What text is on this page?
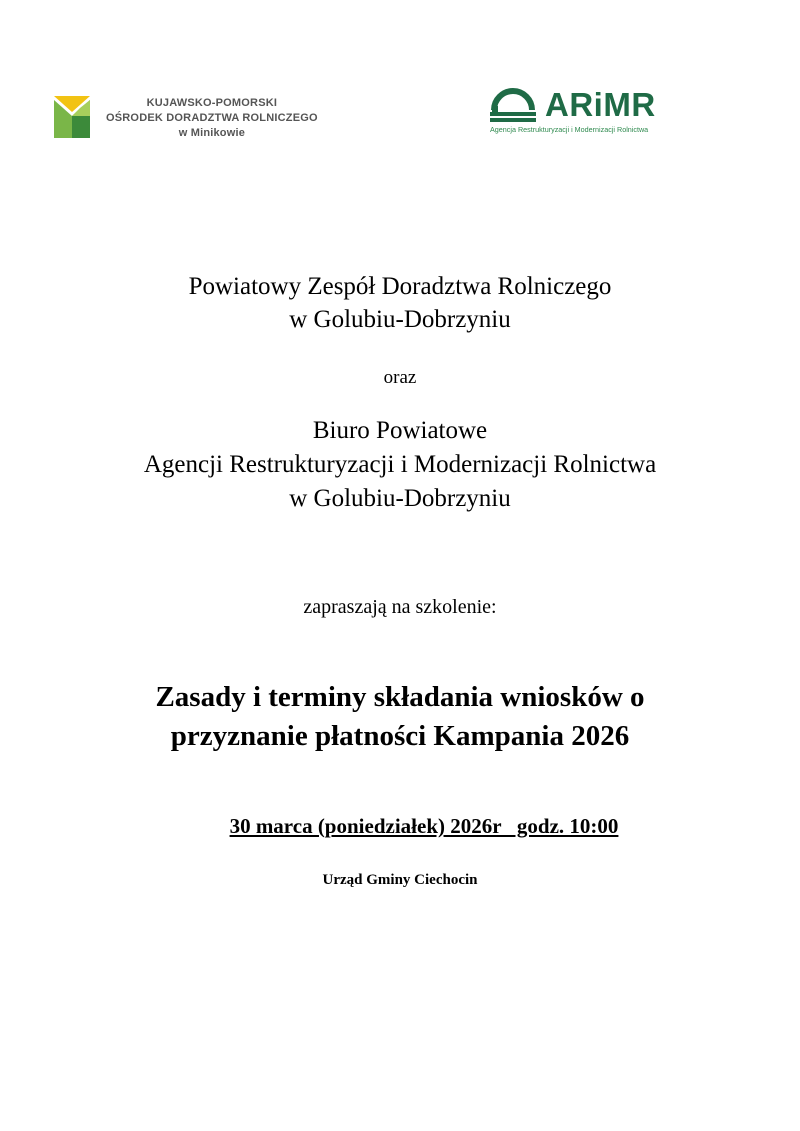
KUJAWSKO-POMORSKI
OŚRODEK DORADZTWA ROLNICZEGO
w Minikowie
ARiMR
Agencja Restrukturyzacji i Modernizacji Rolnictwa
Powiatowy Zespół Doradztwa Rolniczego
w Golubiu-Dobrzyniu
oraz
Biuro Powiatowe
Agencji Restrukturyzacji i Modernizacji Rolnictwa
w Golubiu-Dobrzyniu
zapraszają na szkolenie:
Zasady i terminy składania wniosków o
przyznanie płatności Kampania 2026
30 marca (poniedziałek) 2026r   godz. 10:00
Urząd Gminy Ciechocin
